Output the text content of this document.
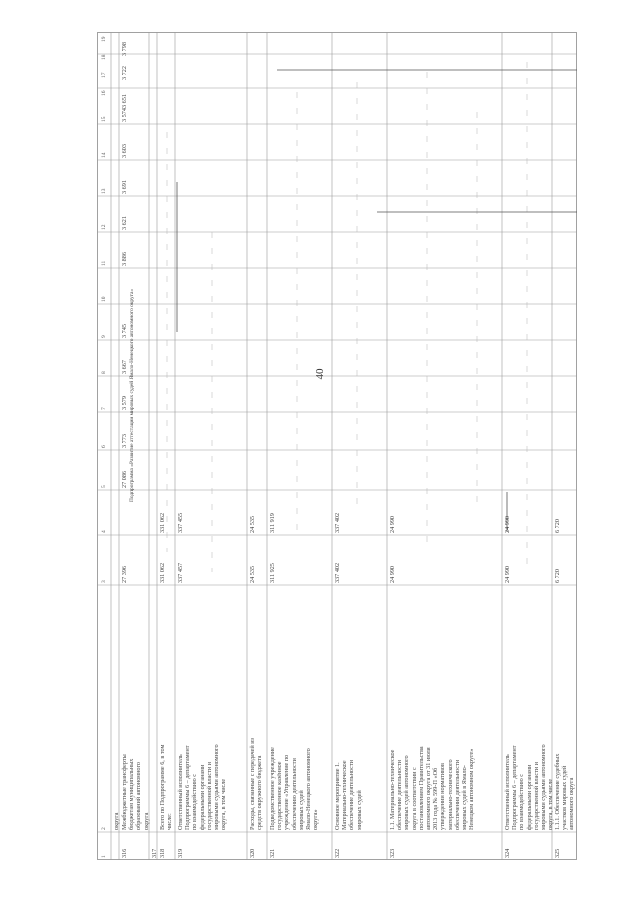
40
округа
316
Межбюджетные трансферты
бюджетам муниципальных
образований автономного
округа
27 396
27 086
3 773
3 579
3 667
3 745
3 886
3 621
3 691
3 603
3 574
3 651
3 722
3 798
317 318
Всего по Подпрограмме 6, в том
числе:
331 062
331 062
319
Ответственный исполнитель
Подпрограммы 6 – департамент
по взаимодействию с
федеральными органами
государственной власти и
мировыми судьями автономного
округа, в том числе
337 457
337 455
320
Расходы, связанные с передачей из
средств окружного бюджета
24 535
24 535
321
Подведомственное учреждение
государственное казённое
учреждение «Управление по
обеспечению деятельности
мировых судей
Ямало-Ненецкого автономного
округа»
311 925
311 919
322
Основное мероприятие 1.
Материально-техническое
обеспечение деятельности
мировых судей
337 402
337 402
323
1.1. Материально-техническое
обеспечение деятельности
мировых судей автономного
округа в соответствии с
постановлением Правительства
автономного округа от 31 июля
2013 года № 599-П «Об
утверждении нормативов
материально-технического
обеспечения деятельности
мировых судей в Ямало-
Ненецком автономном округе»
24 990
24 990
324
Ответственный исполнитель
Подпрограммы 6 – департамент
по взаимодействию с
федеральными органами
государственной власти и
мировыми судьями автономного
округа, в том числе
24 990
24 990
325
1.1.1. Обеспечение судебных
участков мировых судей
автономного округа
6 720
6 720
Подпрограмма «Развитие аттестации мировых судей Ямало-Ненецкого автономного округа»
1
2
3
4
5
6
7
8
9
10
11
12
13
14
15
16
17
18
19
